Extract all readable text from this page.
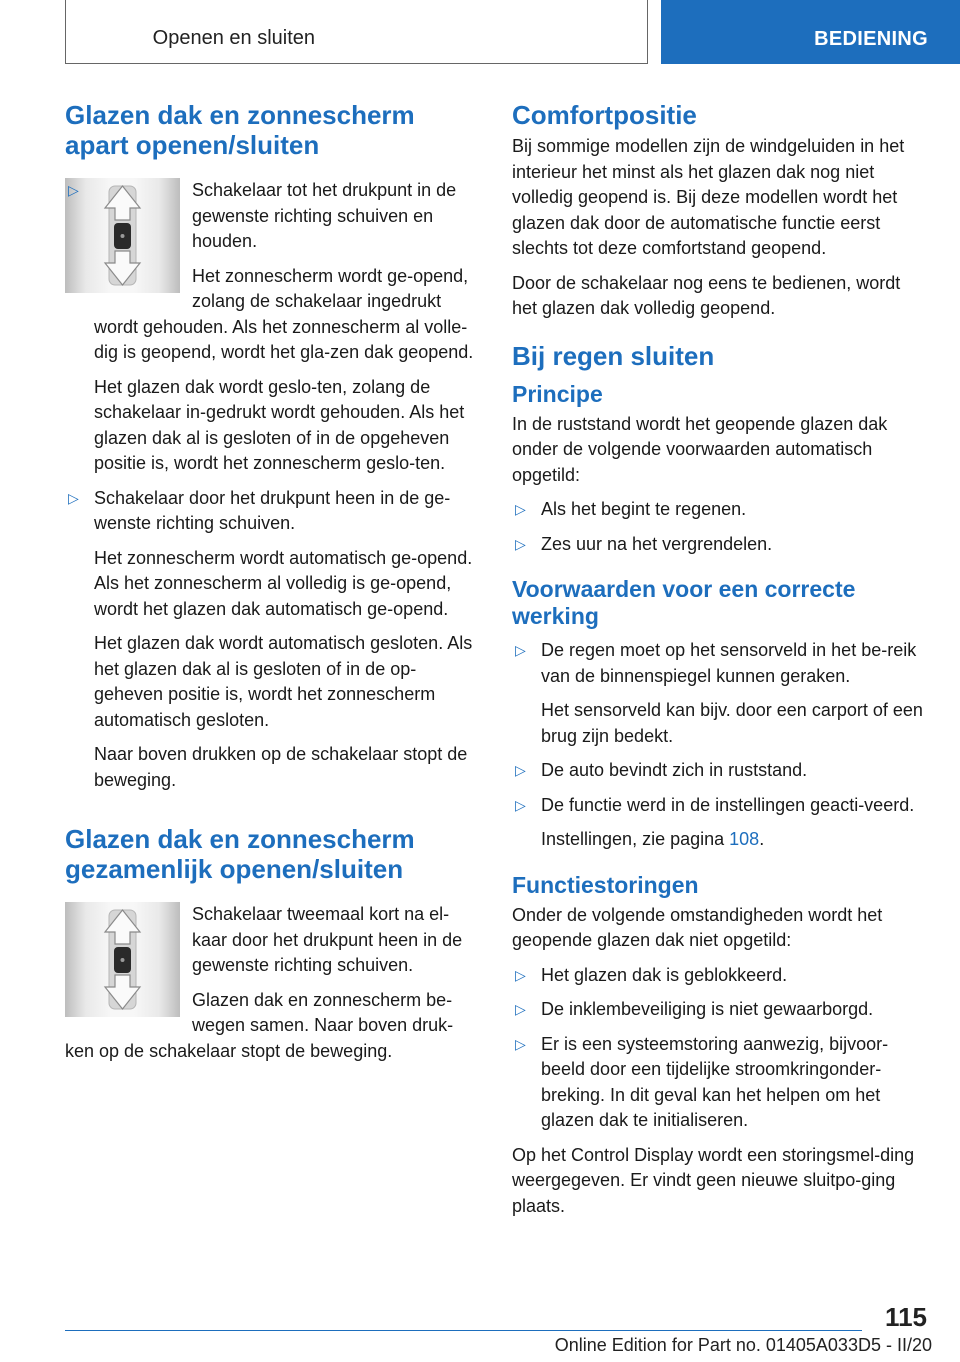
Openen en sluiten	BEDIENING
Glazen dak en zonnescherm apart openen/sluiten
▷	Schakelaar tot het drukpunt in de gewenste richting schuiven en houden.

Het zonnescherm wordt ge-opend, zolang de schakelaar ingedrukt wordt gehouden. Als het zonnescherm al volle-dig is geopend, wordt het gla-zen dak geopend.

Het glazen dak wordt geslo-ten, zolang de schakelaar in-gedrukt wordt gehouden. Als het glazen dak al is gesloten of in de opgeheven positie is, wordt het zonnescherm geslo-ten.

▷ Schakelaar door het drukpunt heen in de ge-wenste richting schuiven.

Het zonnescherm wordt automatisch ge-opend. Als het zonnescherm al volledig is ge-opend, wordt het glazen dak automatisch ge-opend.

Het glazen dak wordt automatisch gesloten. Als het glazen dak al is gesloten of in de op-geheven positie is, wordt het zonnescherm automatisch gesloten.

Naar boven drukken op de schakelaar stopt de beweging.

Glazen dak en zonnescherm gezamenlijk openen/sluiten

Schakelaar tweemaal kort na el-kaar door het drukpunt heen in de gewenste richting schuiven.

Glazen dak en zonnescherm be-wegen samen. Naar boven druk-ken op de schakelaar stopt de beweging.

Comfortpositie

Bij sommige modellen zijn de windgeluiden in het interieur het minst als het glazen dak nog niet volledig geopend is. Bij deze modellen wordt het glazen dak door de automatische functie eerst slechts tot deze comfortstand geopend.

Door de schakelaar nog eens te bedienen, wordt het glazen dak volledig geopend.

Bij regen sluiten
Principe

In de ruststand wordt het geopende glazen dak onder de volgende voorwaarden automatisch opgetild:

▷ Als het begint te regenen.
▷ Zes uur na het vergrendelen.
Voorwaarden voor een correcte werking
▷ De regen moet op het sensorveld in het be-reik van de binnenspiegel kunnen geraken.

Het sensorveld kan bijv. door een carport of een brug zijn bedekt.

▷ De auto bevindt zich in ruststand.

▷ De functie werd in de instellingen geacti-veerd.

Instellingen, zie pagina 108.

Functiestoringen

Onder de volgende omstandigheden wordt het geopende glazen dak niet opgetild:

▷ Het glazen dak is geblokkeerd.
▷ De inklembeveiliging is niet gewaarborgd.
▷ Er is een systeemstoring aanwezig, bijvoor-beeld door een tijdelijke stroomkringonder-breking. In dit geval kan het helpen om het glazen dak te initialiseren.

Op het Control Display wordt een storingsmel-ding weergegeven. Er vindt geen nieuwe sluitpo-ging plaats.

115
Online Edition for Part no. 01405A033D5 - II/20
